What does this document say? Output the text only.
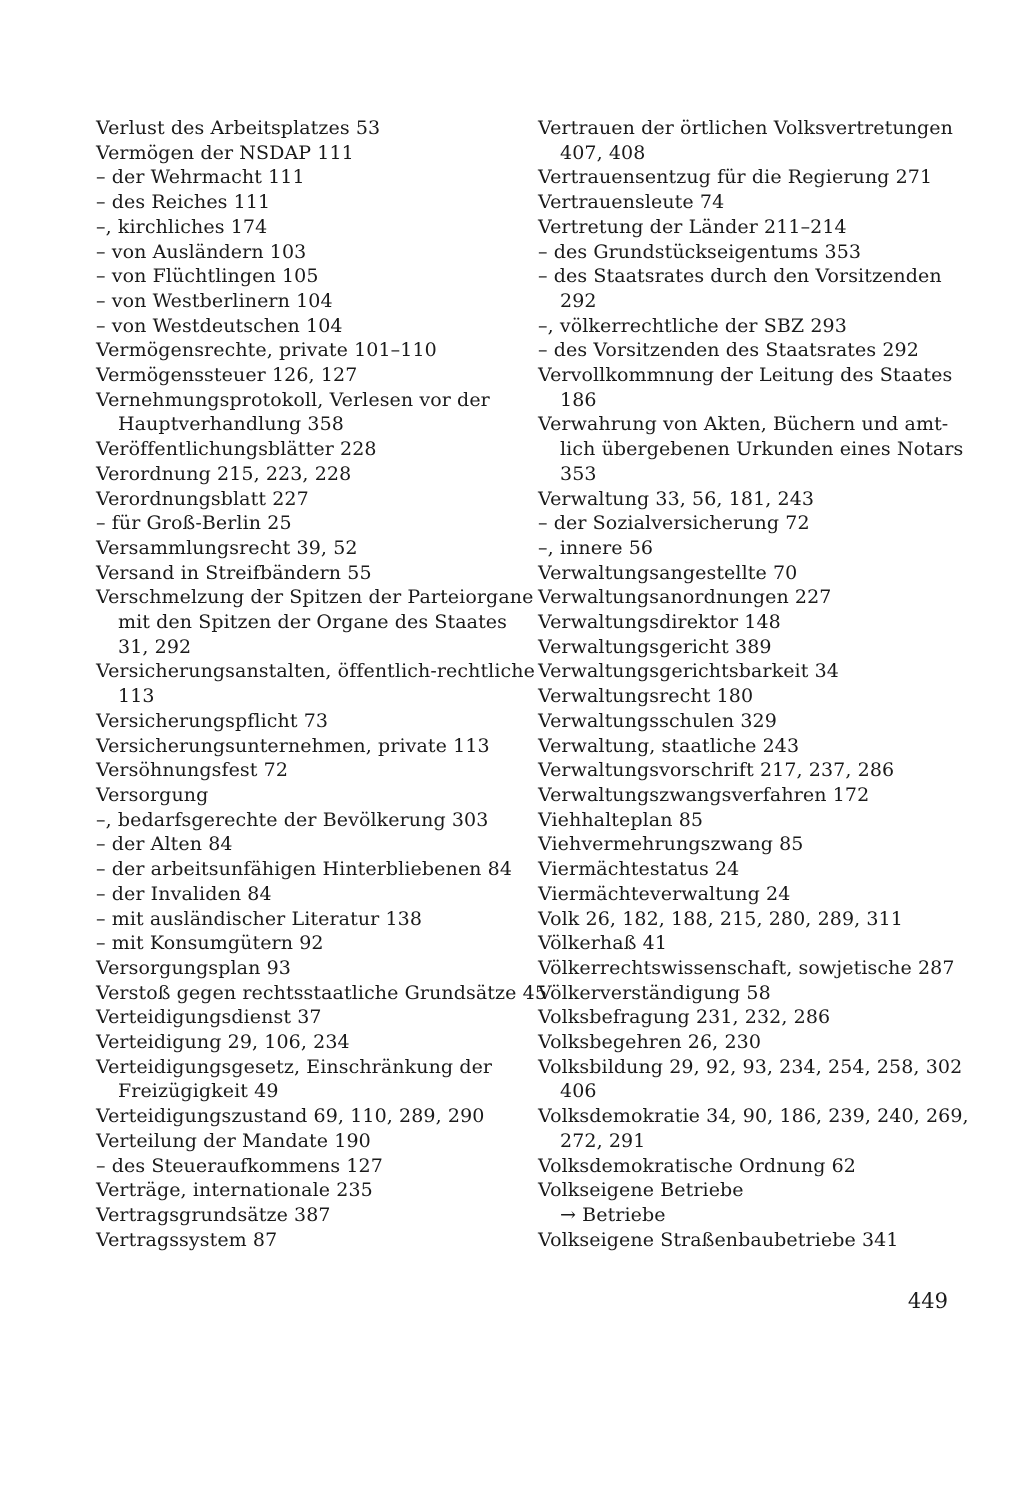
Verlust des Arbeitsplatzes 53
Vermögen der NSDAP 111
– der Wehrmacht 111
– des Reiches 111
–, kirchliches 174
– von Ausländern 103
– von Flüchtlingen 105
– von Westberlinern 104
– von Westdeutschen 104
Vermögensrechte, private 101–110
Vermögenssteuer 126, 127
Vernehmungsprotokoll, Verlesen vor der
Hauptverhandlung 358
Veröffentlichungsblätter 228
Verordnung 215, 223, 228
Verordnungsblatt 227
– für Groß-Berlin 25
Versammlungsrecht 39, 52
Versand in Streifbändern 55
Verschmelzung der Spitzen der Parteiorgane
mit den Spitzen der Organe des Staates
31, 292
Versicherungsanstalten, öffentlich-rechtliche
113
Versicherungspflicht 73
Versicherungsunternehmen, private 113
Versöhnungsfest 72
Versorgung
–, bedarfsgerechte der Bevölkerung 303
– der Alten 84
– der arbeitsunfähigen Hinterbliebenen 84
– der Invaliden 84
– mit ausländischer Literatur 138
– mit Konsumgütern 92
Versorgungsplan 93
Verstoß gegen rechtsstaatliche Grundsätze 45
Verteidigungsdienst 37
Verteidigung 29, 106, 234
Verteidigungsgesetz, Einschränkung der
Freizügigkeit 49
Verteidigungszustand 69, 110, 289, 290
Verteilung der Mandate 190
– des Steueraufkommens 127
Verträge, internationale 235
Vertragsgrundsätze 387
Vertragssystem 87
Vertrauen der örtlichen Volksvertretungen
407, 408
Vertrauensentzug für die Regierung 271
Vertrauensleute 74
Vertretung der Länder 211–214
– des Grundstückseigentums 353
– des Staatsrates durch den Vorsitzenden
292
–, völkerrechtliche der SBZ 293
– des Vorsitzenden des Staatsrates 292
Vervollkommnung der Leitung des Staates
186
Verwahrung von Akten, Büchern und amt-
lich übergebenen Urkunden eines Notars
353
Verwaltung 33, 56, 181, 243
– der Sozialversicherung 72
–, innere 56
Verwaltungsangestellte 70
Verwaltungsanordnungen 227
Verwaltungsdirektor 148
Verwaltungsgericht 389
Verwaltungsgerichtsbarkeit 34
Verwaltungsrecht 180
Verwaltungsschulen 329
Verwaltung, staatliche 243
Verwaltungsvorschrift 217, 237, 286
Verwaltungszwangsverfahren 172
Viehhaltеplan 85
Viehvermehrungszwang 85
Viermächtestatus 24
Viermächteverwaltung 24
Volk 26, 182, 188, 215, 280, 289, 311
Völkerhaß 41
Völkerrechtswissenschaft, sowjetische 287
Völkerverständigung 58
Volksbefragung 231, 232, 286
Volksbegehren 26, 230
Volksbildung 29, 92, 93, 234, 254, 258, 302
406
Volksdemokratie 34, 90, 186, 239, 240, 269,
272, 291
Volksdemokratische Ordnung 62
Volkseigene Betriebe
→ Betriebe
Volkseigene Straßenbaubetriebe 341
449
